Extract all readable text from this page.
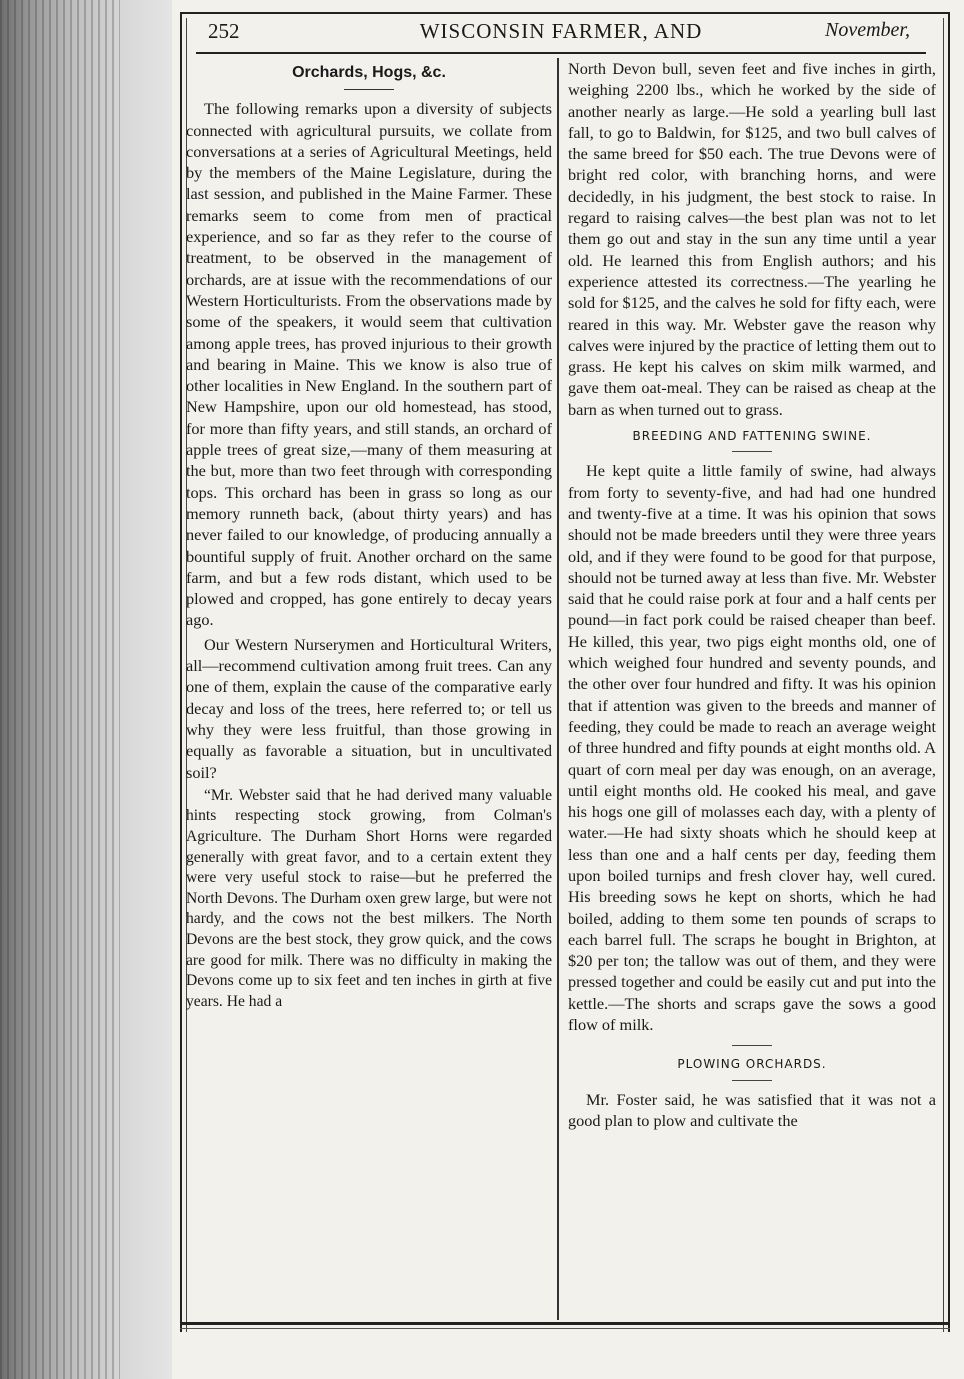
252	WISCONSIN FARMER, AND	November,
Orchards, Hogs, &c.

The following remarks upon a diversity of subjects connected with agricultural pursuits, we collate from conversations at a series of Agricultural Meetings, held by the members of the Maine Legislature, during the last session, and published in the Maine Farmer. These remarks seem to come from men of practical experience, and so far as they refer to the course of treatment, to be observed in the management of orchards, are at issue with the recommendations of our Western Horticulturists. From the observations made by some of the speakers, it would seem that cultivation among apple trees, has proved injurious to their growth and bearing in Maine. This we know is also true of other localities in New England. In the southern part of New Hampshire, upon our old homestead, has stood, for more than fifty years, and still stands, an orchard of apple trees of great size,—many of them measuring at the but, more than two feet through with corresponding tops. This orchard has been in grass so long as our memory runneth back, (about thirty years) and has never failed to our knowledge, of producing annually a bountiful supply of fruit. Another orchard on the same farm, and but a few rods distant, which used to be plowed and cropped, has gone entirely to decay years ago.

Our Western Nurserymen and Horticultural Writers, all—recommend cultivation among fruit trees. Can any one of them, explain the cause of the comparative early decay and loss of the trees, here referred to; or tell us why they were less fruitful, than those growing in equally as favorable a situation, but in uncultivated soil?

“Mr. Webster said that he had derived many valuable hints respecting stock growing, from Colman's Agriculture. The Durham Short Horns were regarded generally with great favor, and to a certain extent they were very useful stock to raise—but he preferred the North Devons. The Durham oxen grew large, but were not hardy, and the cows not the best milkers. The North Devons are the best stock, they grow quick, and the cows are good for milk. There was no difficulty in making the Devons come up to six feet and ten inches in girth at five years. He had a

North Devon bull, seven feet and five inches in girth, weighing 2200 lbs., which he worked by the side of another nearly as large.—He sold a yearling bull last fall, to go to Baldwin, for $125, and two bull calves of the same breed for $50 each. The true Devons were of bright red color, with branching horns, and were decidedly, in his judgment, the best stock to raise. In regard to raising calves—the best plan was not to let them go out and stay in the sun any time until a year old. He learned this from English authors; and his experience attested its correctness.—The yearling he sold for $125, and the calves he sold for fifty each, were reared in this way. Mr. Webster gave the reason why calves were injured by the practice of letting them out to grass. He kept his calves on skim milk warmed, and gave them oat-meal. They can be raised as cheap at the barn as when turned out to grass.

BREEDING AND FATTENING SWINE.

He kept quite a little family of swine, had always from forty to seventy-five, and had had one hundred and twenty-five at a time. It was his opinion that sows should not be made breeders until they were three years old, and if they were found to be good for that purpose, should not be turned away at less than five. Mr. Webster said that he could raise pork at four and a half cents per pound—in fact pork could be raised cheaper than beef. He killed, this year, two pigs eight months old, one of which weighed four hundred and seventy pounds, and the other over four hundred and fifty. It was his opinion that if attention was given to the breeds and manner of feeding, they could be made to reach an average weight of three hundred and fifty pounds at eight months old. A quart of corn meal per day was enough, on an average, until eight months old. He cooked his meal, and gave his hogs one gill of molasses each day, with a plenty of water.—He had sixty shoats which he should keep at less than one and a half cents per day, feeding them upon boiled turnips and fresh clover hay, well cured. His breeding sows he kept on shorts, which he had boiled, adding to them some ten pounds of scraps to each barrel full. The scraps he bought in Brighton, at $20 per ton; the tallow was out of them, and they were pressed together and could be easily cut and put into the kettle.—The shorts and scraps gave the sows a good flow of milk.

PLOWING ORCHARDS.

Mr. Foster said, he was satisfied that it was not a good plan to plow and cultivate the
